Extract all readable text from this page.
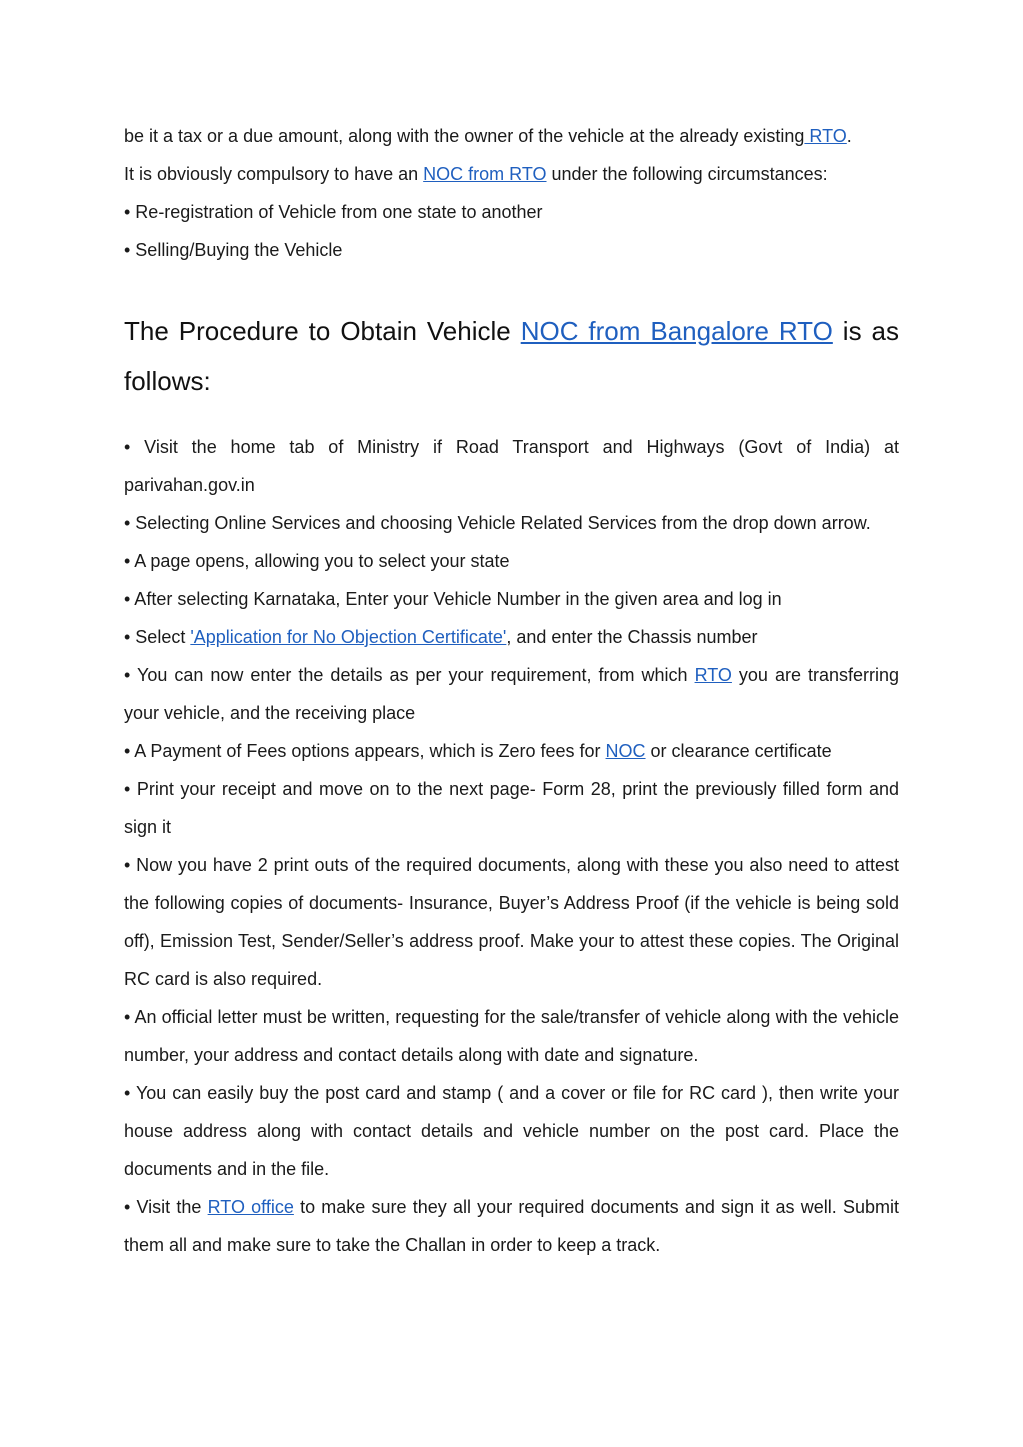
be it a tax or a due amount, along with the owner of the vehicle at the already existing RTO.

It is obviously compulsory to have an NOC from RTO under the following circumstances:

• Re-registration of Vehicle from one state to another

• Selling/Buying the Vehicle

The Procedure to Obtain Vehicle NOC from Bangalore RTO is as follows:

• Visit the home tab of Ministry if Road Transport and Highways (Govt of India) at parivahan.gov.in

• Selecting Online Services and choosing Vehicle Related Services from the drop down arrow.

• A page opens, allowing you to select your state

• After selecting Karnataka, Enter your Vehicle Number in the given area and log in

• Select 'Application for No Objection Certificate', and enter the Chassis number

• You can now enter the details as per your requirement, from which RTO you are transferring your vehicle, and the receiving place

• A Payment of Fees options appears, which is Zero fees for NOC or clearance certificate

• Print your receipt and move on to the next page- Form 28, print the previously filled form and sign it

• Now you have 2 print outs of the required documents, along with these you also need to attest the following copies of documents- Insurance, Buyer’s Address Proof (if the vehicle is being sold off), Emission Test, Sender/Seller’s address proof. Make your to attest these copies. The Original RC card is also required.

• An official letter must be written, requesting for the sale/transfer of vehicle along with the vehicle number, your address and contact details along with date and signature.

• You can easily buy the post card and stamp ( and a cover or file for RC card ), then write your house address along with contact details and vehicle number on the post card. Place the documents and in the file.

• Visit the RTO office to make sure they all your required documents and sign it as well. Submit them all and make sure to take the Challan in order to keep a track.
